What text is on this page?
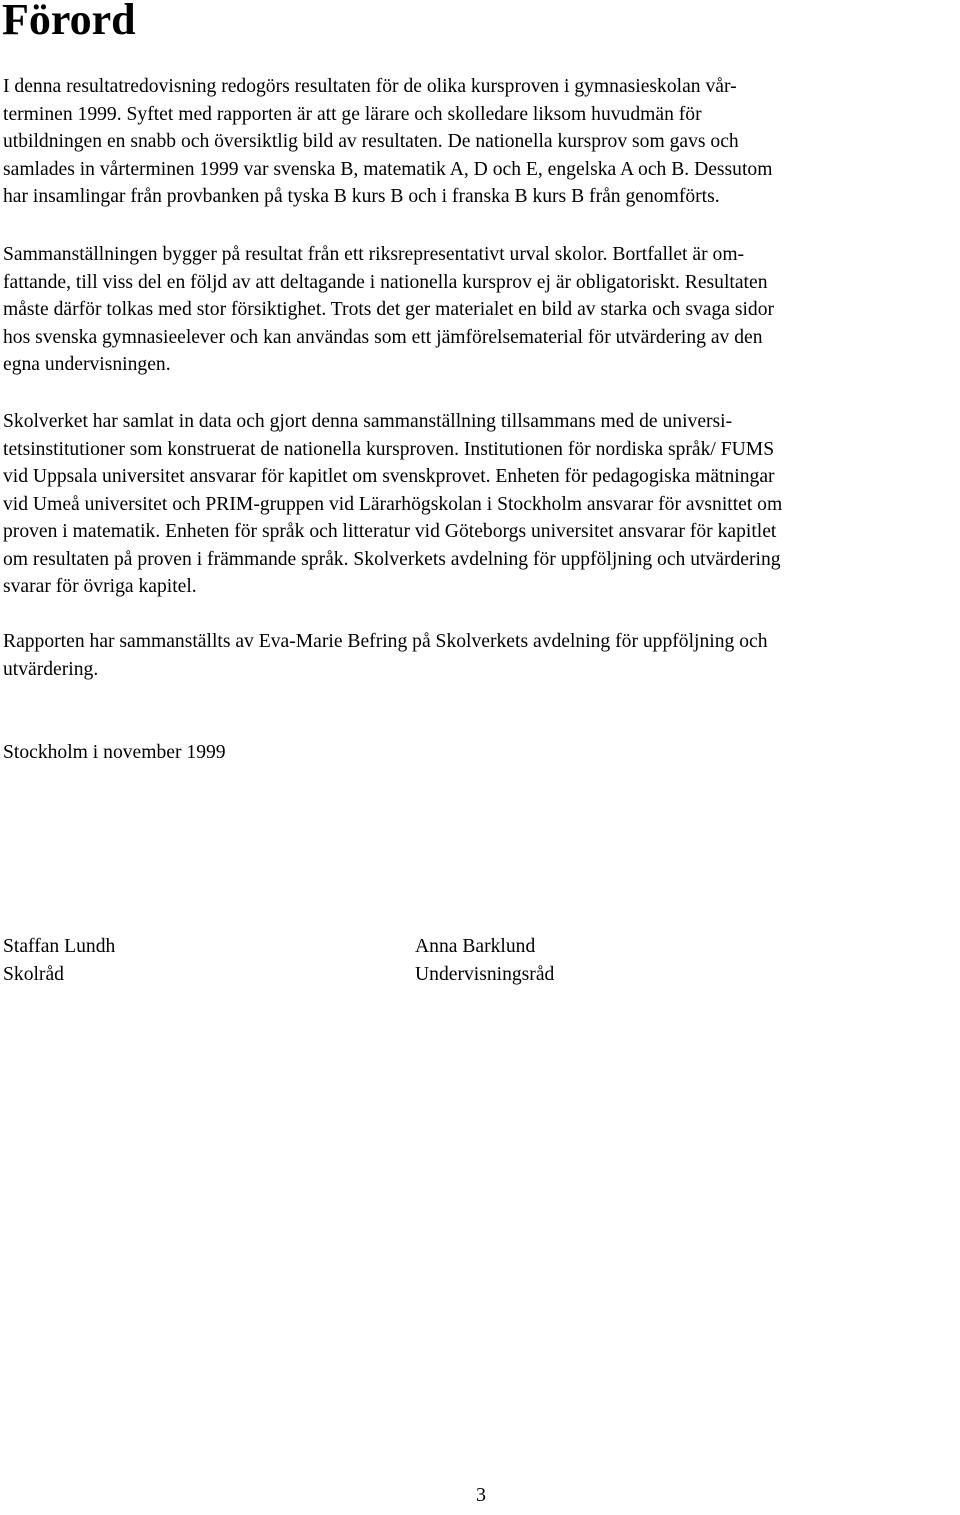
Förord

I denna resultatredovisning redogörs resultaten för de olika kursproven i gymnasieskolan vår-
terminen 1999. Syftet med rapporten är att ge lärare och skolledare liksom huvudmän för
utbildningen en snabb och översiktlig bild av resultaten. De nationella kursprov som gavs och
samlades in vårterminen 1999 var svenska B, matematik A, D och E, engelska A och B. Dessutom
har insamlingar från provbanken på tyska B kurs B och i franska B kurs B från genomförts.

Sammanställningen bygger på resultat från ett riksrepresentativt urval skolor. Bortfallet är om-
fattande, till viss del en följd av att deltagande i nationella kursprov ej är obligatoriskt. Resultaten
måste därför tolkas med stor försiktighet. Trots det ger materialet en bild av starka och svaga sidor
hos svenska gymnasieelever och kan användas som ett jämförelsematerial för utvärdering av den
egna undervisningen.

Skolverket har samlat in data och gjort denna sammanställning tillsammans med de universi-
tetsinstitutioner som konstruerat de nationella kursproven. Institutionen för nordiska språk/ FUMS
vid Uppsala universitet ansvarar för kapitlet om svenskprovet. Enheten för pedagogiska mätningar
vid Umeå universitet och PRIM-gruppen vid Lärarhögskolan i Stockholm ansvarar för avsnittet om
proven i matematik. Enheten för språk och litteratur vid Göteborgs universitet ansvarar för kapitlet
om resultaten på proven i främmande språk. Skolverkets avdelning för uppföljning och utvärdering
svarar för övriga kapitel.

Rapporten har sammanställts av Eva-Marie Befring på Skolverkets avdelning för uppföljning och
utvärdering.

Stockholm i november 1999
Staffan Lundh
Skolråd
Anna Barklund
Undervisningsråd
3
